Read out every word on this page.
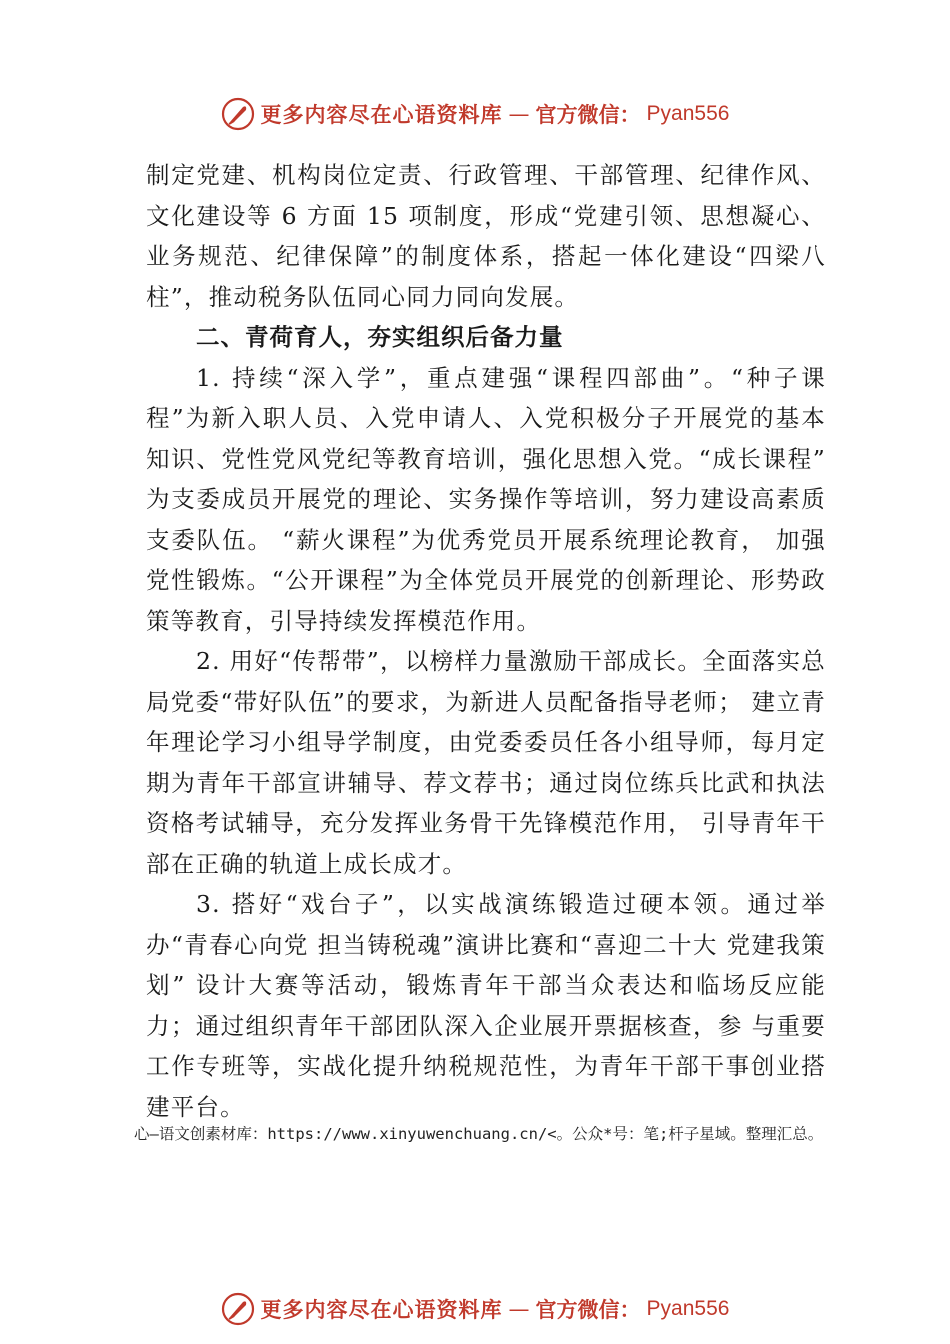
更多内容尽在心语资料库 — 官方微信： Pyan556

制定党建、机构岗位定责、行政管理、干部管理、纪律作风、文化建设等 6 方面 15 项制度，形成“党建引领、思想凝心、业务规范、纪律保障”的制度体系，搭起一体化建设“四梁八柱”，推动税务队伍同心同力同向发展。

二、青荷育人，夯实组织后备力量

1. 持续“深入学”，重点建强“课程四部曲”。“种子课程”为新入职人员、入党申请人、入党积极分子开展党的基本知识、党性党风党纪等教育培训，强化思想入党。“成长课程” 为支委成员开展党的理论、实务操作等培训，努力建设高素质支委队伍。 “薪火课程”为优秀党员开展系统理论教育， 加强党性锻炼。“公开课程”为全体党员开展党的创新理论、形势政策等教育，引导持续发挥模范作用。

2. 用好“传帮带”，以榜样力量激励干部成长。全面落实总局党委“带好队伍”的要求，为新进人员配备指导老师； 建立青年理论学习小组导学制度，由党委委员任各小组导师，每月定期为青年干部宣讲辅导、荐文荐书；通过岗位练兵比武和执法资格考试辅导，充分发挥业务骨干先锋模范作用， 引导青年干部在正确的轨道上成长成才。

3. 搭好“戏台子”，以实战演练锻造过硬本领。通过举办“青春心向党 担当铸税魂”演讲比赛和“喜迎二十大 党建我策划” 设计大赛等活动，锻炼青年干部当众表达和临场反应能力；通过组织青年干部团队深入企业展开票据核查，参 与重要工作专班等，实战化提升纳税规范性，为青年干部干事创业搭建平台。

心—语文创素材库：https://www.xinyuwenchuang.cn/<。公众*号：笔;杆子星域。整理汇总。
更多内容尽在心语资料库 — 官方微信： Pyan556
